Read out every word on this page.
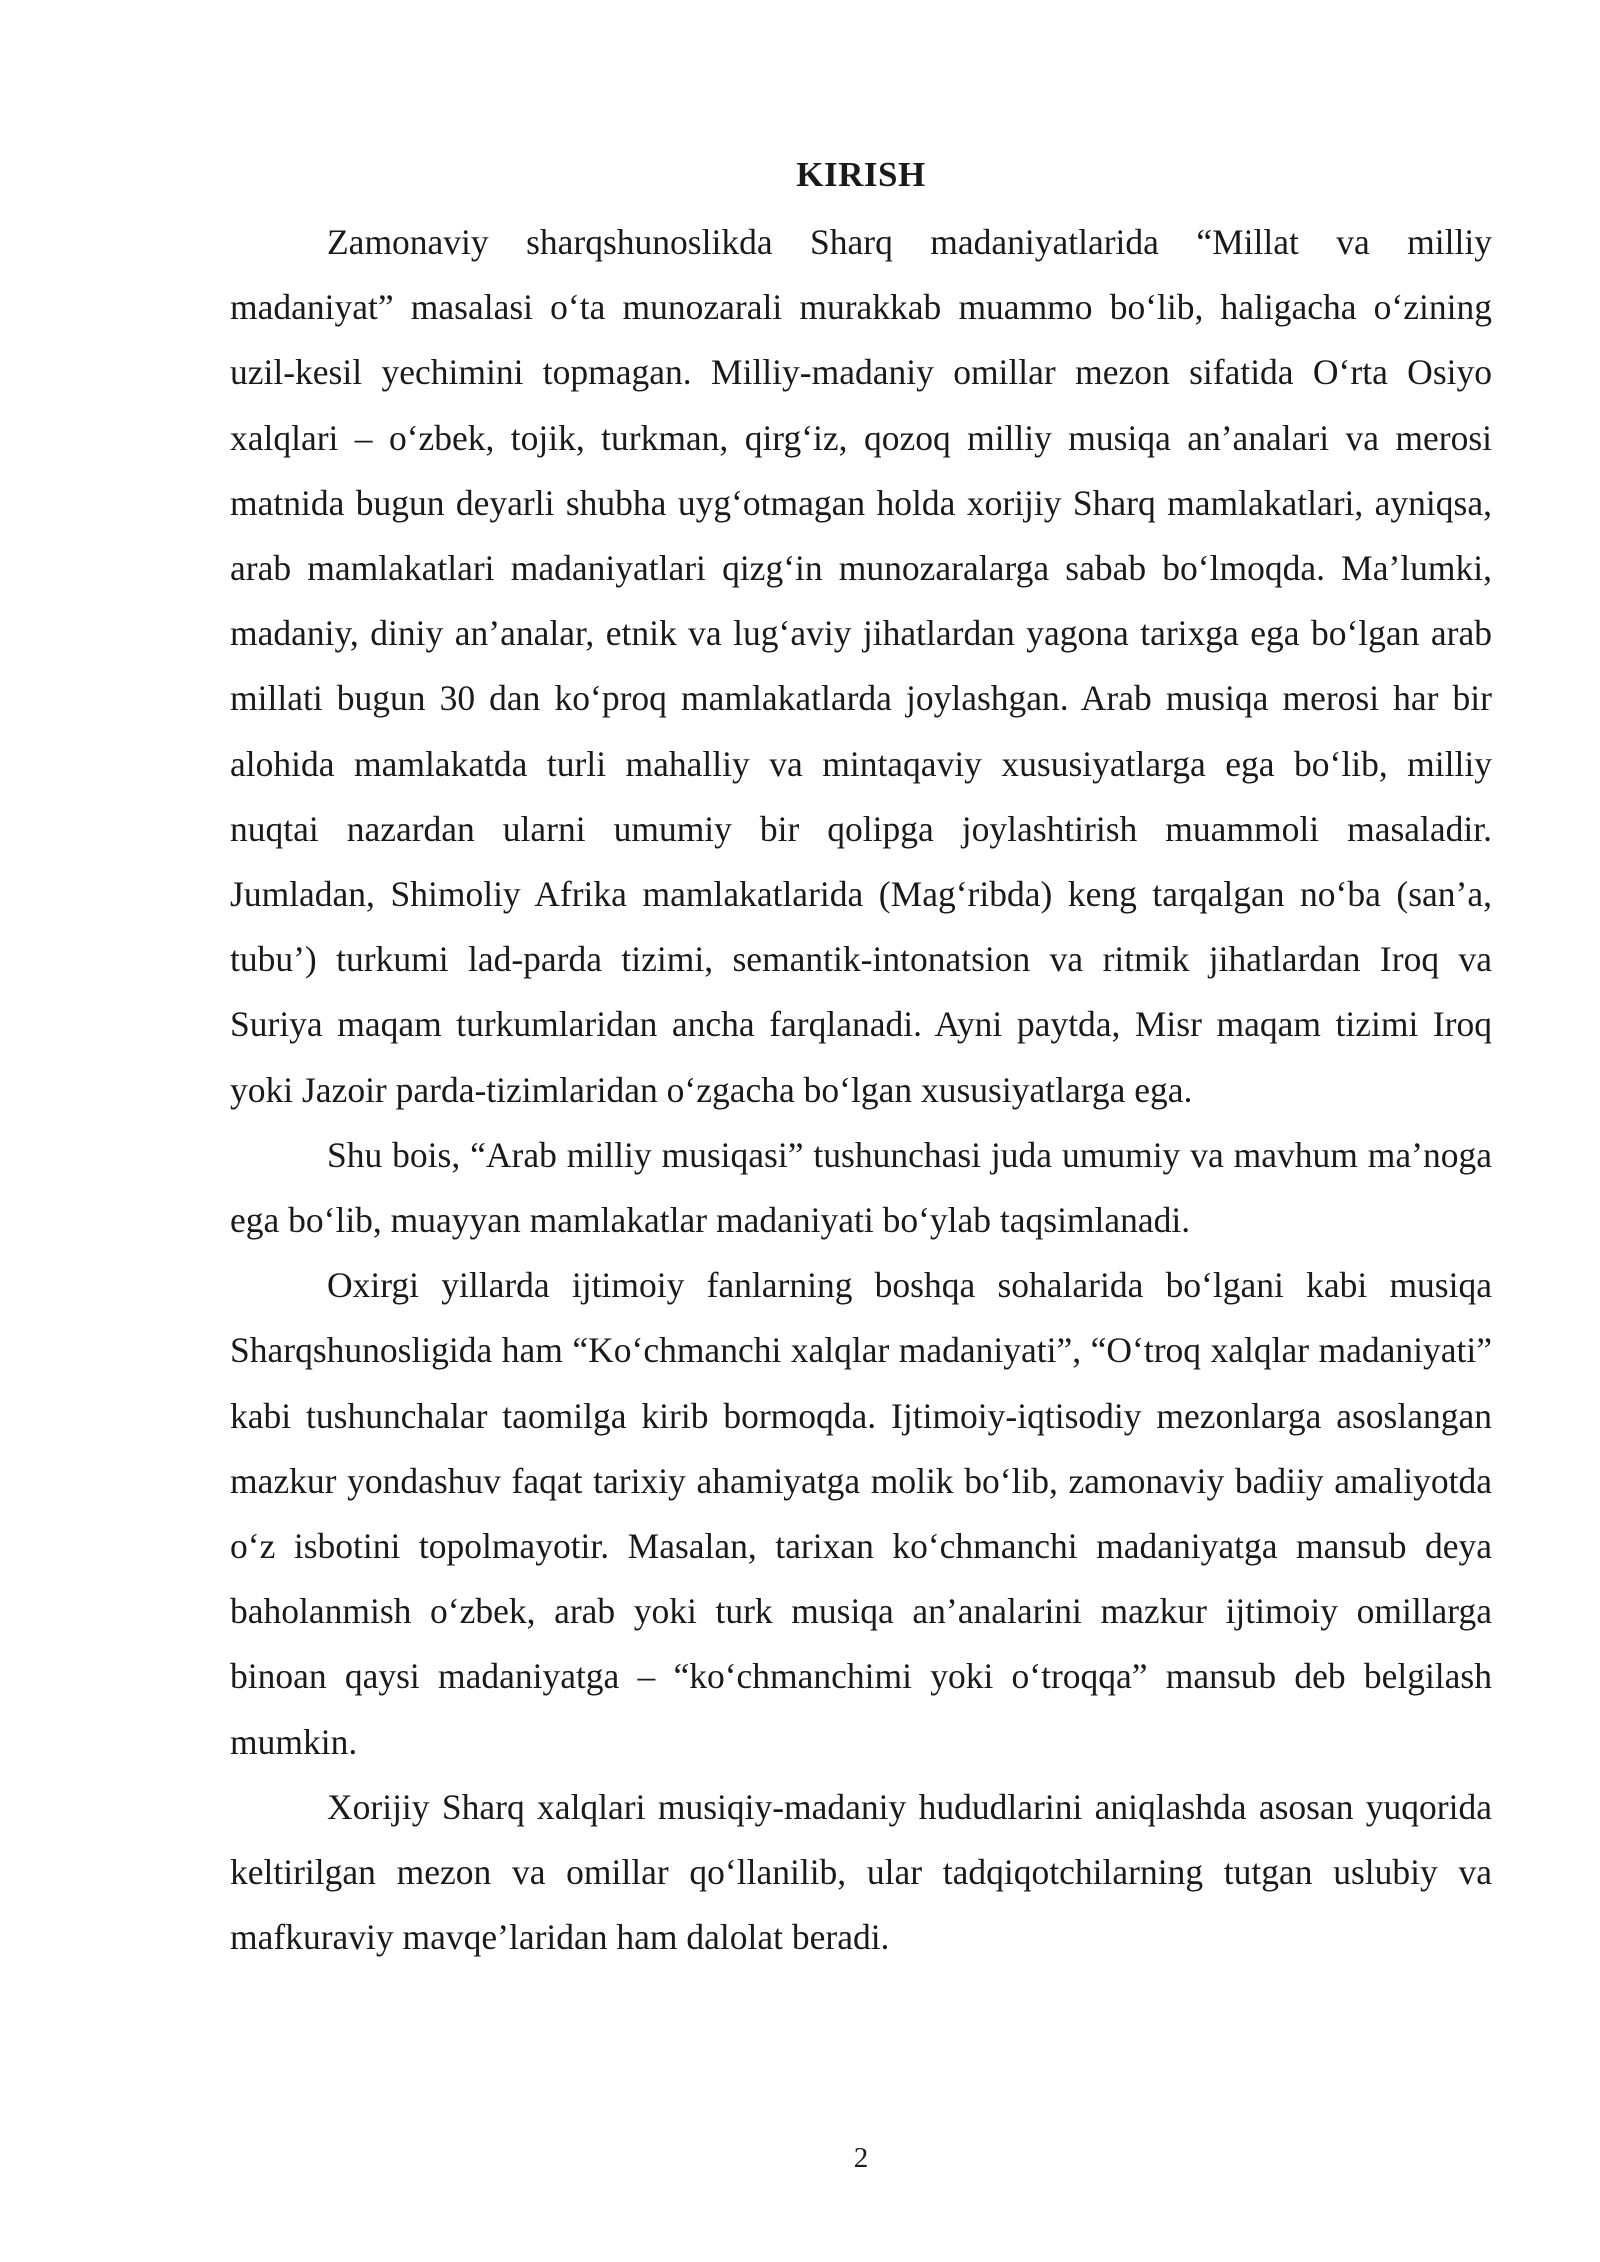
KIRISH

Zamonaviy sharqshunoslikda Sharq madaniyatlarida “Millat va milliy madaniyat” masalasi o‘ta munozarali murakkab muammo bo‘lib, haligacha o‘zining uzil-kesil yechimini topmagan. Milliy-madaniy omillar mezon sifatida O‘rta Osiyo xalqlari – o‘zbek, tojik, turkman, qirg‘iz, qozoq milliy musiqa an’analari va merosi matnida bugun deyarli shubha uyg‘otmagan holda xorijiy Sharq mamlakatlari, ayniqsa, arab mamlakatlari madaniyatlari qizg‘in munozaralarga sabab bo‘lmoqda. Ma’lumki, madaniy, diniy an’analar, etnik va lug‘aviy jihatlardan yagona tarixga ega bo‘lgan arab millati bugun 30 dan ko‘proq mamlakatlarda joylashgan. Arab musiqa merosi har bir alohida mamlakatda turli mahalliy va mintaqaviy xususiyatlarga ega bo‘lib, milliy nuqtai nazardan ularni umumiy bir qolipga joylashtirish muammoli masaladir. Jumladan, Shimoliy Afrika mamlakatlarida (Mag‘ribda) keng tarqalgan no‘ba (san’a, tubu’) turkumi lad-parda tizimi, semantik-intonatsion va ritmik jihatlardan Iroq va Suriya maqam turkumlaridan ancha farqlanadi. Ayni paytda, Misr maqam tizimi Iroq yoki Jazoir parda-tizimlaridan o‘zgacha bo‘lgan xususiyatlarga ega.

Shu bois, “Arab milliy musiqasi” tushunchasi juda umumiy va mavhum ma’noga ega bo‘lib, muayyan mamlakatlar madaniyati bo‘ylab taqsimlanadi.

Oxirgi yillarda ijtimoiy fanlarning boshqa sohalarida bo‘lgani kabi musiqa Sharqshunosligida ham “Ko‘chmanchi xalqlar madaniyati”, “O‘troq xalqlar madaniyati” kabi tushunchalar taomilga kirib bormoqda. Ijtimoiy-iqtisodiy mezonlarga asoslangan mazkur yondashuv faqat tarixiy ahamiyatga molik bo‘lib, zamonaviy badiiy amaliyotda o‘z isbotini topolmayotir. Masalan, tarixan ko‘chmanchi madaniyatga mansub deya baholanmish o‘zbek, arab yoki turk musiqa an’analarini mazkur ijtimoiy omillarga binoan qaysi madaniyatga – “ko‘chmanchimi yoki o‘troqqa” mansub deb belgilash mumkin.

Xorijiy Sharq xalqlari musiqiy-madaniy hududlarini aniqlashda asosan yuqorida keltirilgan mezon va omillar qo‘llanilib, ular tadqiqotchilarning tutgan uslubiy va mafkuraviy mavqe’laridan ham dalolat beradi.

2
